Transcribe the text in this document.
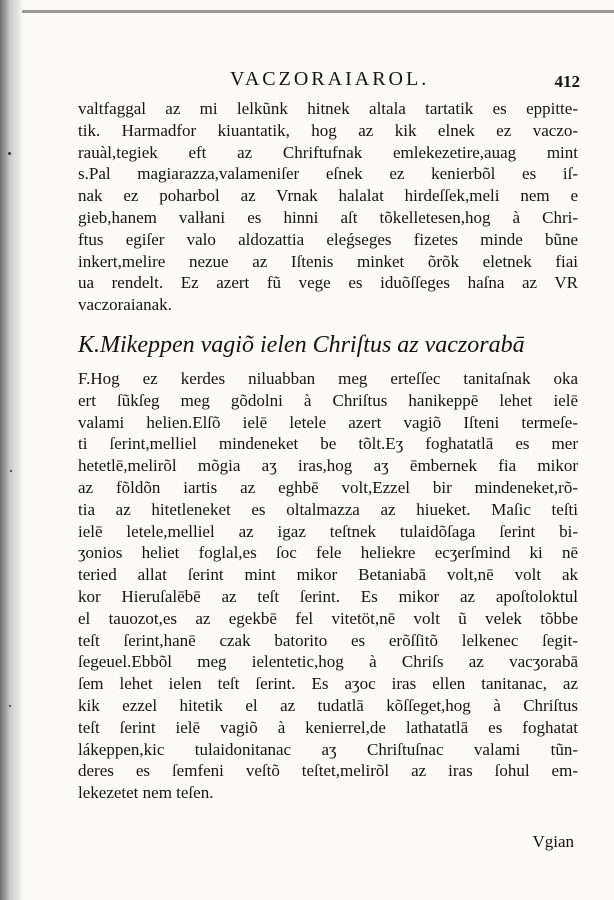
VACZORAIAROL.	412
valtfaggal az mi lelkũnk hitnek altala tartatik es eppitte-
tik. Harmadfor kiuantatik, hog az kik elnek ez vaczo-
rauàl,tegiek eft az Chriftufnak emlekezetire,auag mint
s.Pal magiarazza,valameniſer eſnek ez kenierbõl es iſ-
nak ez poharbol az Vrnak halalat hirdeſſek,meli nem e
gieb,hanem valłani es hinni aſt tõkelletesen,hog à Chri-
ftus egiſer valo aldozattia eleǵseges fizetes minde bũne
inkert,melire nezue az Iſtenis minket õrõk eletnek fiai
ua rendelt. Ez azert fũ vege es iduõſſeges haſna az VR
vaczoraianak.
K.Mikeppen vagiõ ielen Chriſtus az vaczorabā
F.Hog ez kerdes niluabban meg erteſſec tanitaſnak oka
ert ſũkſeg meg gõdolni à Chriſtus hanikeppē lehet ielē
valami helien.Elſõ ielē letele azert vagiõ Iſteni termeſe-
ti ſerint,melliel mindeneket be tõlt.Eʒ foghatatlā es mer
hetetlē,melirõl mõgia aʒ iras,hog aʒ ēmbernek fia mikor
az fõldõn iartis az eghbē volt,Ezzel bir mindeneket,rõ-
tia az hitetleneket es oltalmazza az hiueket. Maſic teſti
ielē letele,melliel az igaz teſtnek tulaidõſaga ſerint bi-
ʒonios heliet foglal,es ſoc fele heliekre ecʒerſmind ki nē
teried allat ſerint mint mikor Betaniabā volt,nē volt ak
kor Hieruſalēbē az teſt ſerint. Es mikor az apoſtoloktul
el tauozot,es az egekbē fel vitetöt,nē volt ũ velek tõbbe
teſt ſerint,hanē czak batorito es erõſſitõ lelkenec ſegit-
ſegeuel.Ebbõl meg ielentetic,hog à Chriſs az vacʒorabā
ſem lehet ielen teſt ſerint. Es aʒoc iras ellen tanitanac, az
kik ezzel hitetik el az tudatlā kõſſeget,hog à Chriſtus
teſt ſerint ielē vagiõ à kenierrel,de lathatatlā es foghatat
lákeppen,kic tulaidonitanac aʒ Chriſtuſnac valami tũn-
deres es ſemfeni veſtõ teſtet,melirõl az iras ſohul em-
lekezetet nem teſen.
Vgian
